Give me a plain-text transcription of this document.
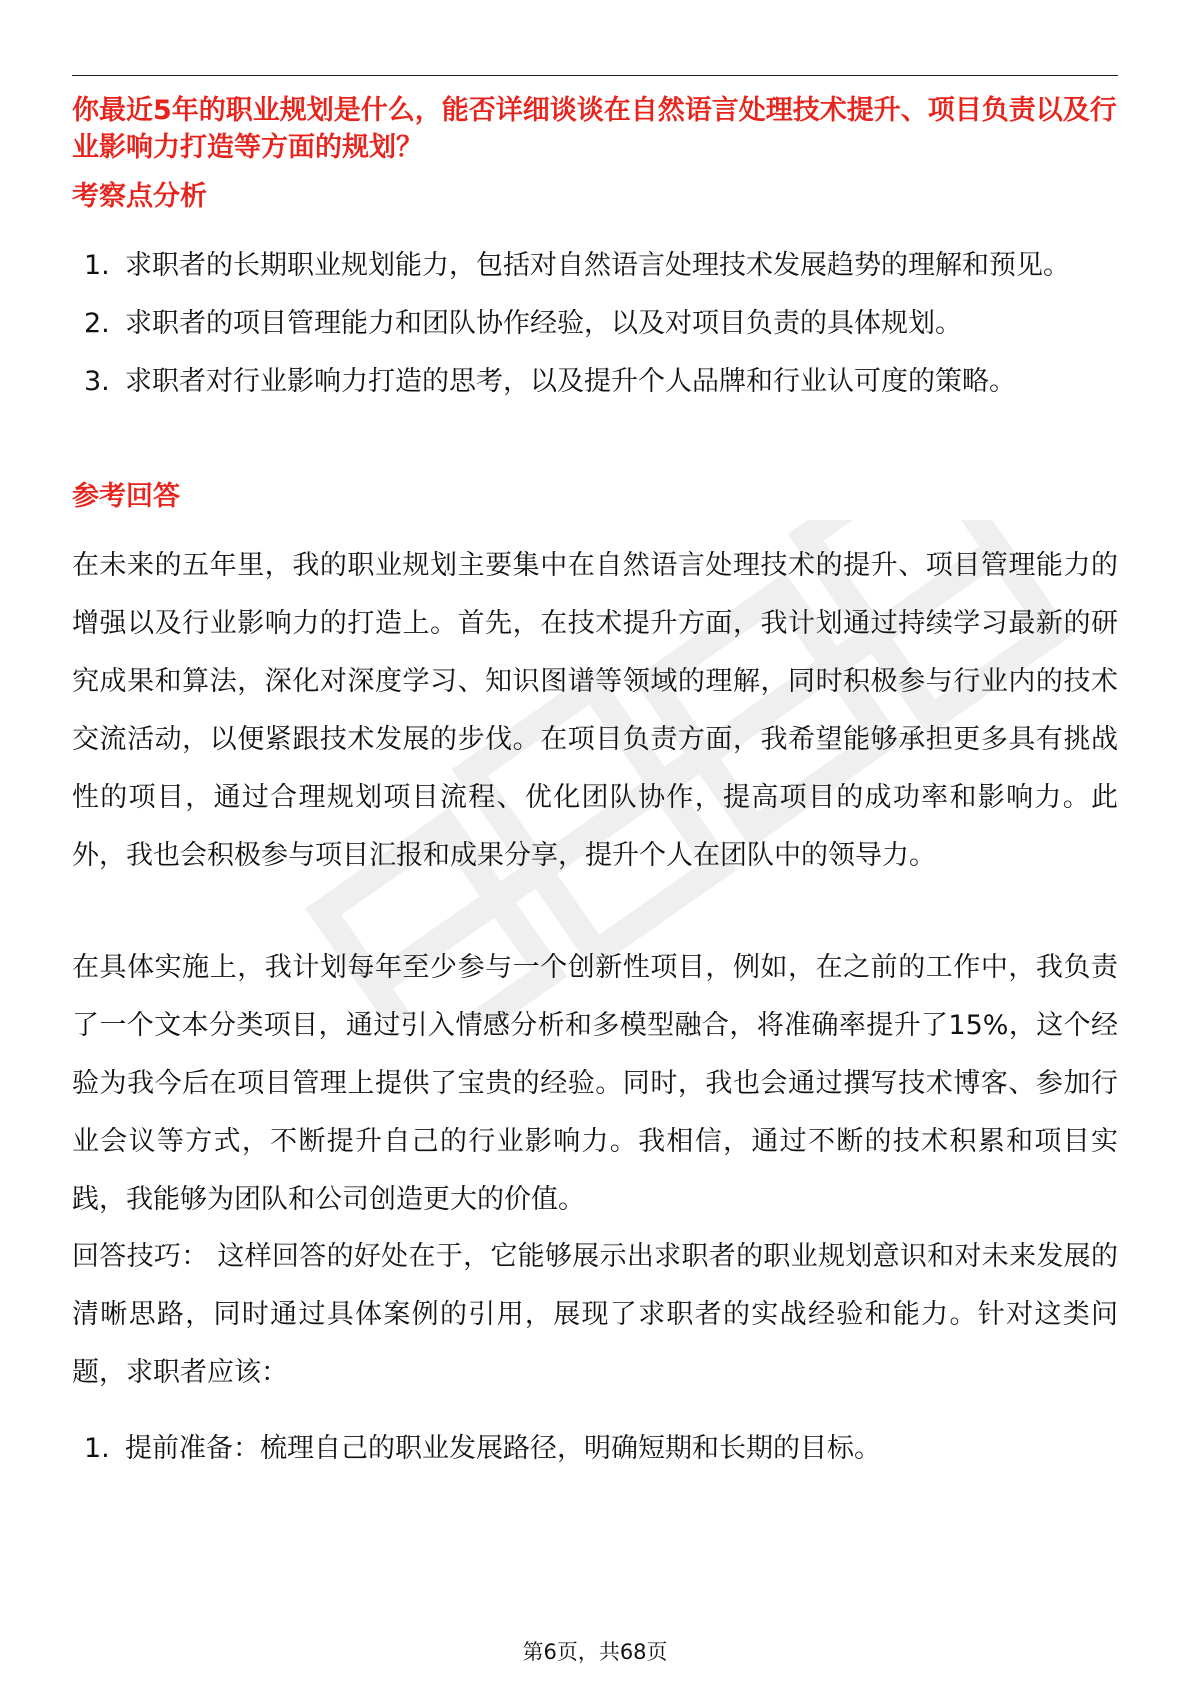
你最近5年的职业规划是什么，能否详细谈谈在自然语言处理技术提升、项目负责以及行业影响力打造等方面的规划？

考察点分析
1. 求职者的长期职业规划能力，包括对自然语言处理技术发展趋势的理解和预见。
2. 求职者的项目管理能力和团队协作经验，以及对项目负责的具体规划。
3. 求职者对行业影响力打造的思考，以及提升个人品牌和行业认可度的策略。
参考回答

在未来的五年里，我的职业规划主要集中在自然语言处理技术的提升、项目管理能力的增强以及行业影响力的打造上。首先，在技术提升方面，我计划通过持续学习最新的研究成果和算法，深化对深度学习、知识图谱等领域的理解，同时积极参与行业内的技术交流活动，以便紧跟技术发展的步伐。在项目负责方面，我希望能够承担更多具有挑战性的项目，通过合理规划项目流程、优化团队协作，提高项目的成功率和影响力。此外，我也会积极参与项目汇报和成果分享，提升个人在团队中的领导力。

在具体实施上，我计划每年至少参与一个创新性项目，例如，在之前的工作中，我负责了一个文本分类项目，通过引入情感分析和多模型融合，将准确率提升了15%，这个经验为我今后在项目管理上提供了宝贵的经验。同时，我也会通过撰写技术博客、参加行业会议等方式，不断提升自己的行业影响力。我相信，通过不断的技术积累和项目实践，我能够为团队和公司创造更大的价值。

回答技巧： 这样回答的好处在于，它能够展示出求职者的职业规划意识和对未来发展的清晰思路，同时通过具体案例的引用，展现了求职者的实战经验和能力。针对这类问题，求职者应该：

1. 提前准备：梳理自己的职业发展路径，明确短期和长期的目标。
第6页，共68页
